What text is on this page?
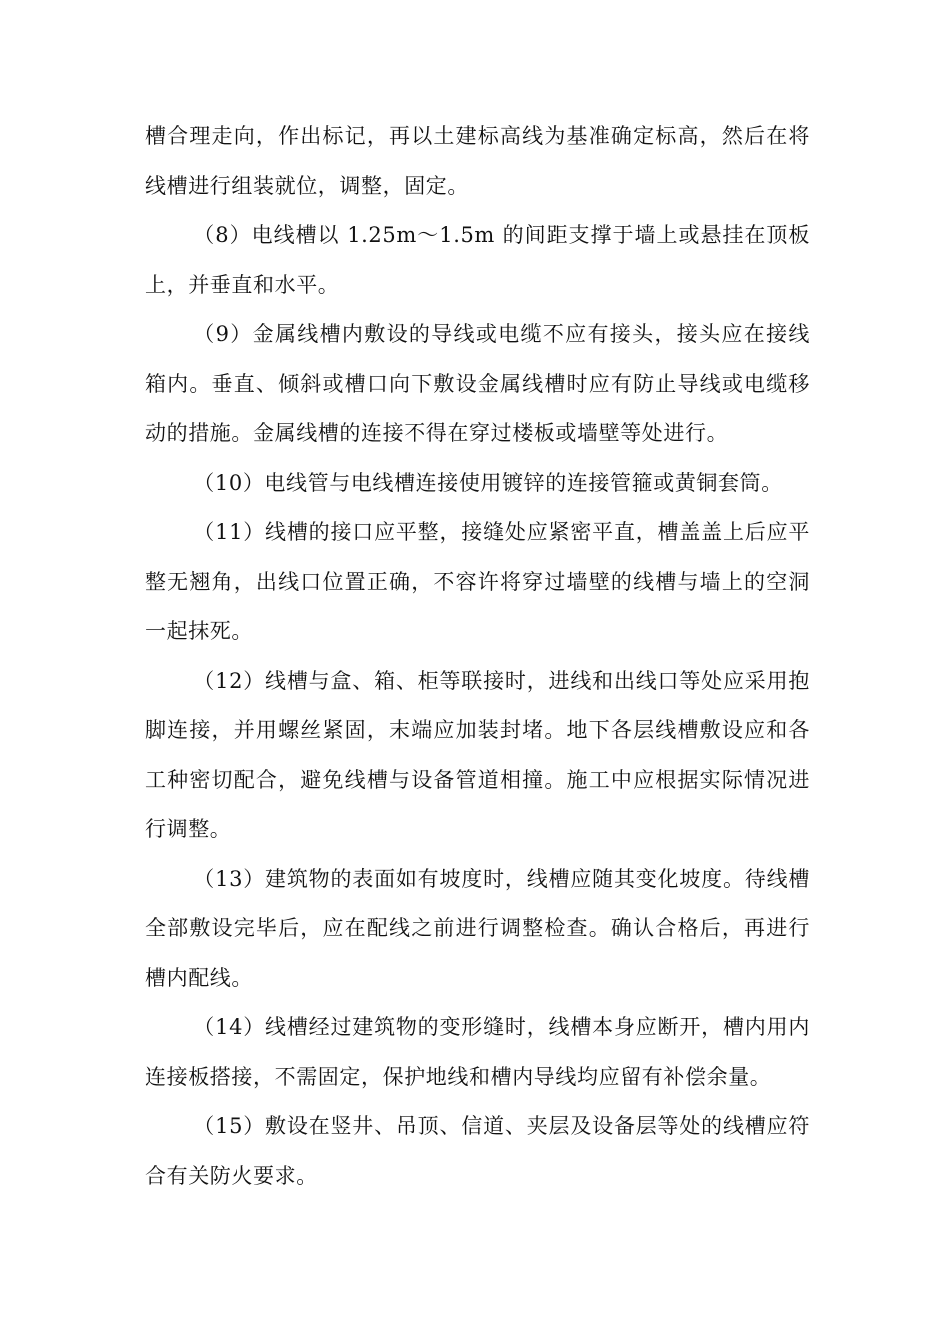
槽合理走向，作出标记，再以土建标高线为基准确定标高，然后在将线槽进行组装就位，调整，固定。

（8）电线槽以 1.25m～1.5m 的间距支撑于墙上或悬挂在顶板上，并垂直和水平。

（9）金属线槽内敷设的导线或电缆不应有接头，接头应在接线箱内。垂直、倾斜或槽口向下敷设金属线槽时应有防止导线或电缆移动的措施。金属线槽的连接不得在穿过楼板或墙壁等处进行。

（10）电线管与电线槽连接使用镀锌的连接管箍或黄铜套筒。

（11）线槽的接口应平整，接缝处应紧密平直，槽盖盖上后应平整无翘角，出线口位置正确，不容许将穿过墙壁的线槽与墙上的空洞一起抹死。

（12）线槽与盒、箱、柜等联接时，进线和出线口等处应采用抱脚连接，并用螺丝紧固，末端应加装封堵。地下各层线槽敷设应和各工种密切配合，避免线槽与设备管道相撞。施工中应根据实际情况进行调整。

（13）建筑物的表面如有坡度时，线槽应随其变化坡度。待线槽全部敷设完毕后，应在配线之前进行调整检查。确认合格后，再进行槽内配线。

（14）线槽经过建筑物的变形缝时，线槽本身应断开，槽内用内连接板搭接，不需固定，保护地线和槽内导线均应留有补偿余量。

（15）敷设在竖井、吊顶、信道、夹层及设备层等处的线槽应符合有关防火要求。
